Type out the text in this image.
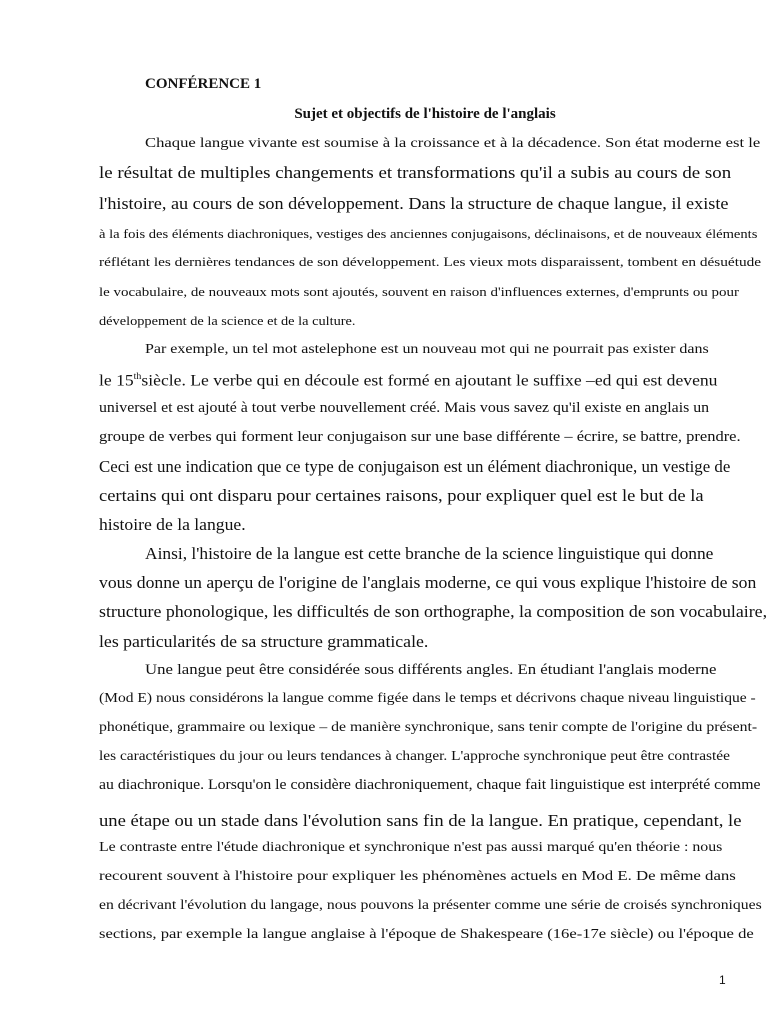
CONFÉRENCE 1
Sujet et objectifs de l'histoire de l'anglais
Chaque langue vivante est soumise à la croissance et à la décadence. Son état moderne est le
le résultat de multiples changements et transformations qu'il a subis au cours de son
l'histoire, au cours de son développement. Dans la structure de chaque langue, il existe
à la fois des éléments diachroniques, vestiges des anciennes conjugaisons, déclinaisons, et de nouveaux éléments
réflétant les dernières tendances de son développement. Les vieux mots disparaissent, tombent en désuétude
le vocabulaire, de nouveaux mots sont ajoutés, souvent en raison d'influences externes, d'emprunts ou pour
développement de la science et de la culture.
Par exemple, un tel mot astelephone est un nouveau mot qui ne pourrait pas exister dans
le 15thsiècle. Le verbe qui en découle est formé en ajoutant le suffixe –ed qui est devenu
universel et est ajouté à tout verbe nouvellement créé. Mais vous savez qu'il existe en anglais un
groupe de verbes qui forment leur conjugaison sur une base différente – écrire, se battre, prendre.
Ceci est une indication que ce type de conjugaison est un élément diachronique, un vestige de
certains qui ont disparu pour certaines raisons, pour expliquer quel est le but de la
histoire de la langue.
Ainsi, l'histoire de la langue est cette branche de la science linguistique qui donne
vous donne un aperçu de l'origine de l'anglais moderne, ce qui vous explique l'histoire de son
structure phonologique, les difficultés de son orthographe, la composition de son vocabulaire,
les particularités de sa structure grammaticale.
Une langue peut être considérée sous différents angles. En étudiant l'anglais moderne
(Mod E) nous considérons la langue comme figée dans le temps et décrivons chaque niveau linguistique -
phonétique, grammaire ou lexique – de manière synchronique, sans tenir compte de l'origine du présent-
les caractéristiques du jour ou leurs tendances à changer. L'approche synchronique peut être contrastée
au diachronique. Lorsqu'on le considère diachroniquement, chaque fait linguistique est interprété comme
une étape ou un stade dans l'évolution sans fin de la langue. En pratique, cependant, le
Le contraste entre l'étude diachronique et synchronique n'est pas aussi marqué qu'en théorie : nous
recourent souvent à l'histoire pour expliquer les phénomènes actuels en Mod E. De même dans
en décrivant l'évolution du langage, nous pouvons la présenter comme une série de croisés synchroniques
sections, par exemple la langue anglaise à l'époque de Shakespeare (16e-17e siècle) ou l'époque de
1
